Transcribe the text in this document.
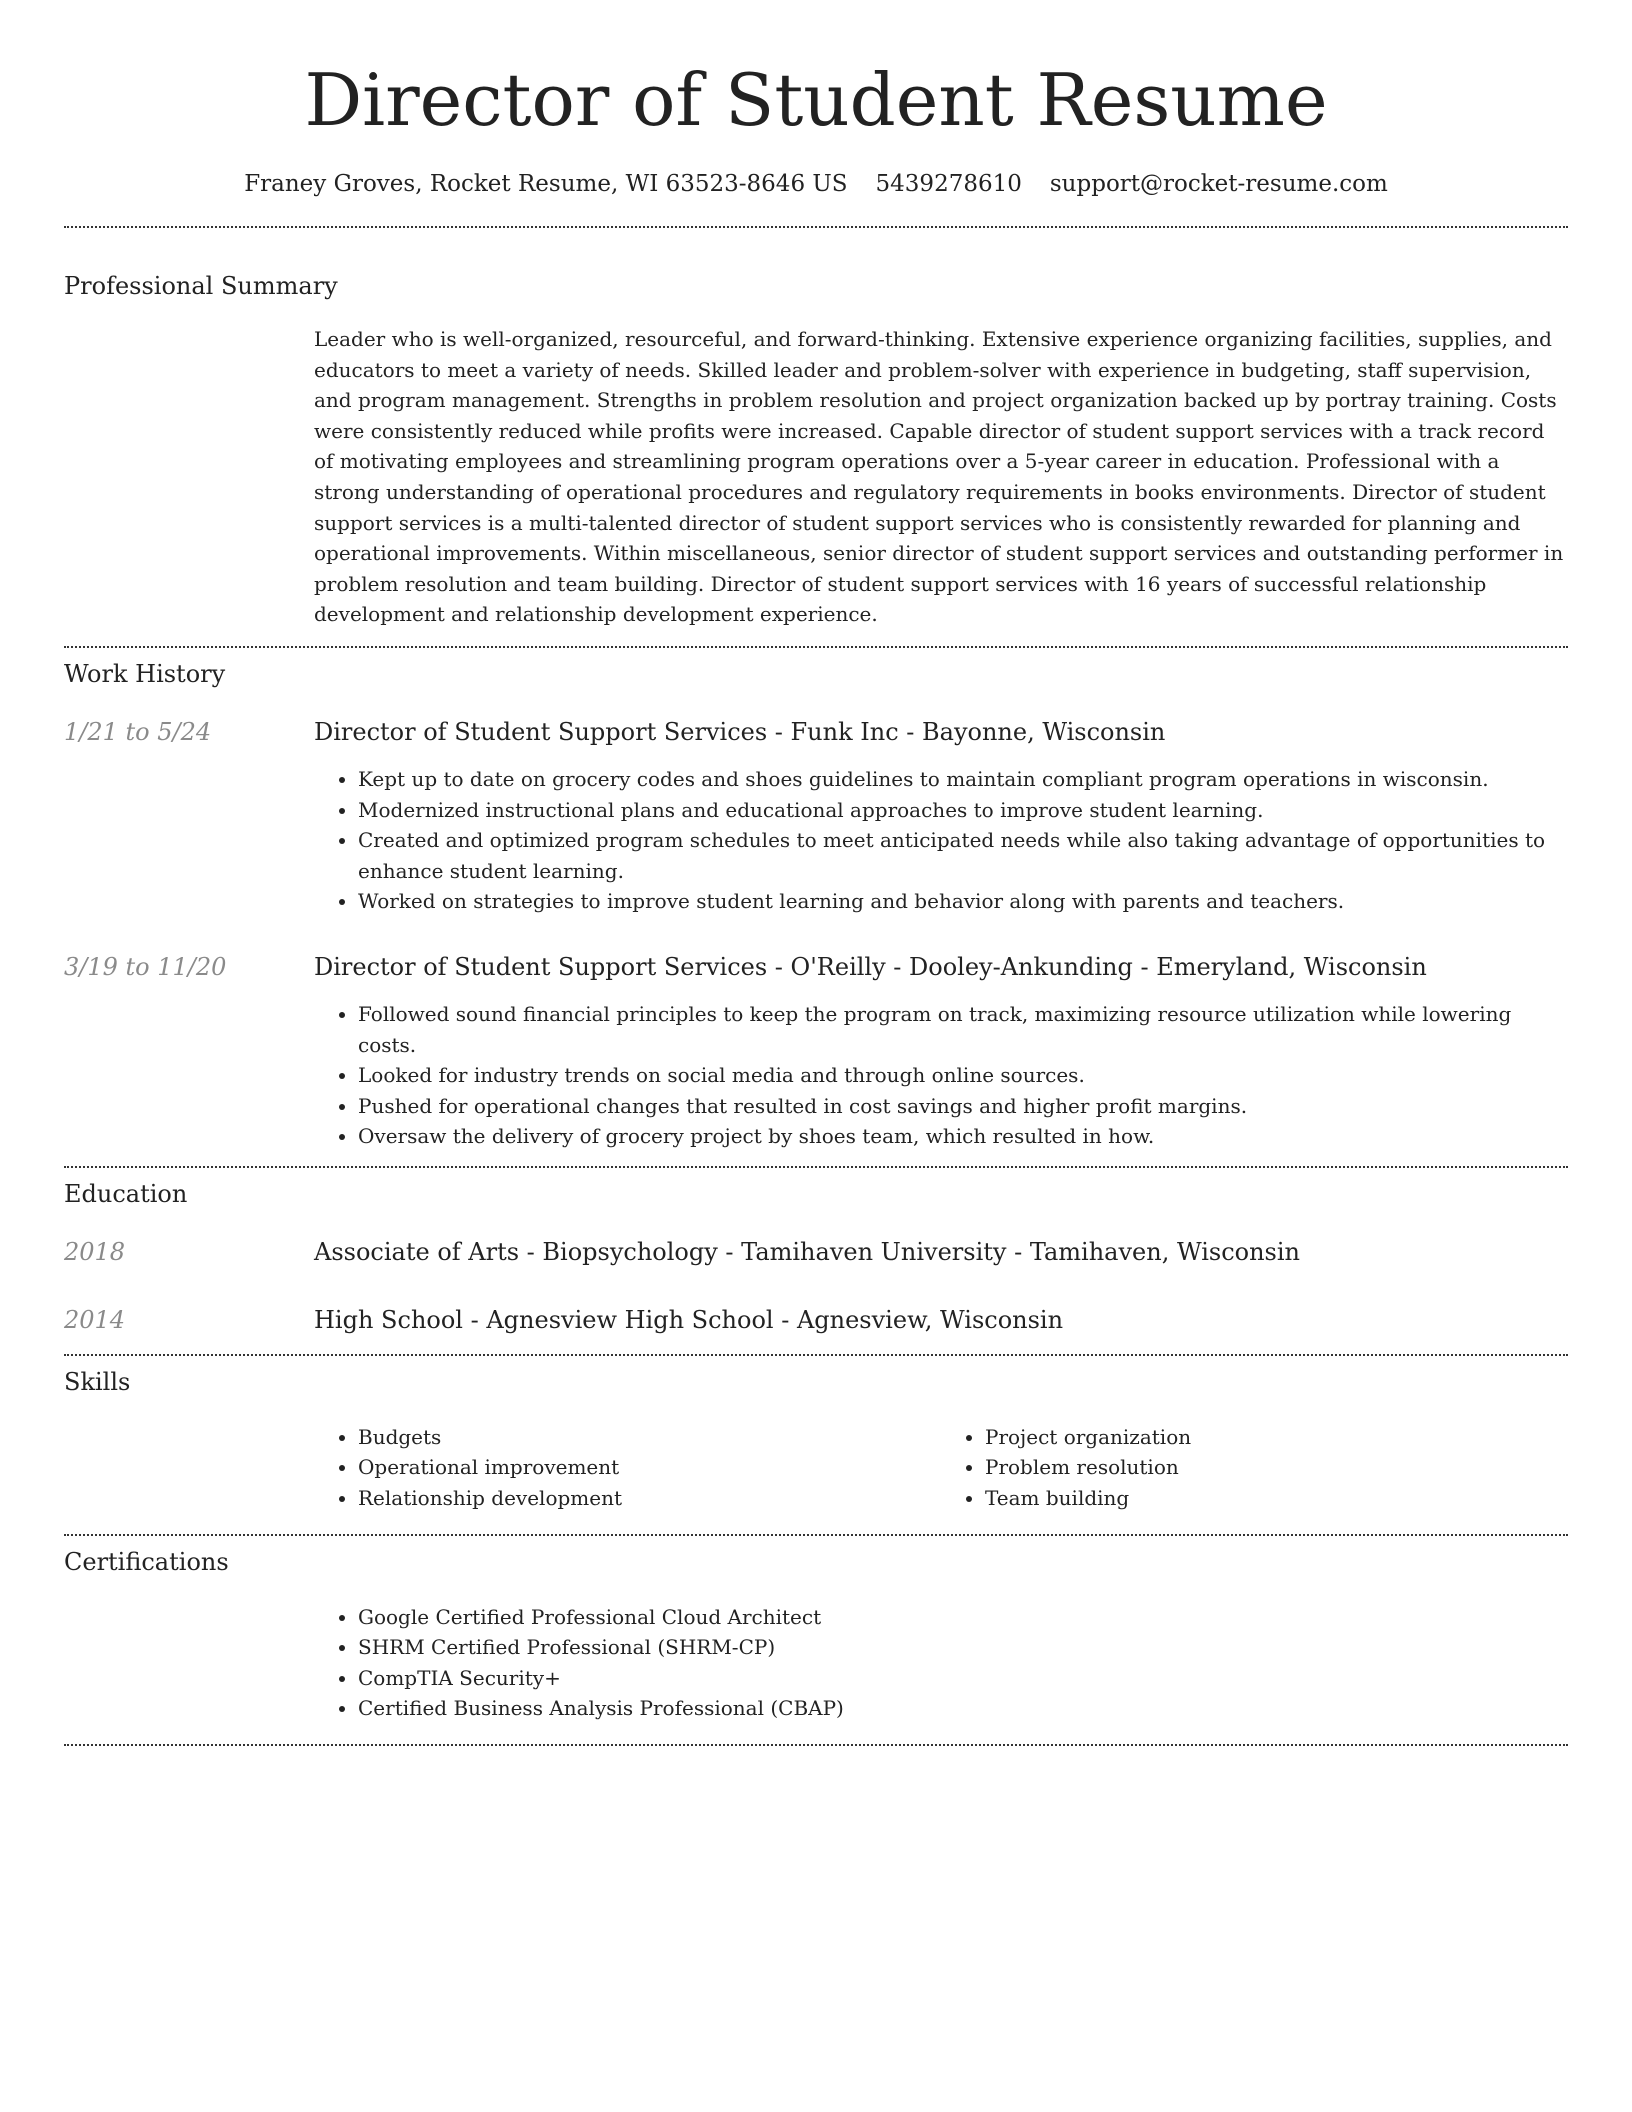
Director of Student Resume
Franey Groves, Rocket Resume, WI 63523-8646 US 5439278610 support@rocket-resume.com
Professional Summary

Leader who is well-organized, resourceful, and forward-thinking. Extensive experience organizing facilities, supplies, and educators to meet a variety of needs. Skilled leader and problem-solver with experience in budgeting, staff supervision, and program management. Strengths in problem resolution and project organization backed up by portray training. Costs were consistently reduced while profits were increased. Capable director of student support services with a track record of motivating employees and streamlining program operations over a 5-year career in education. Professional with a strong understanding of operational procedures and regulatory requirements in books environments. Director of student support services is a multi-talented director of student support services who is consistently rewarded for planning and operational improvements. Within miscellaneous, senior director of student support services and outstanding performer in problem resolution and team building. Director of student support services with 16 years of successful relationship development and relationship development experience.

Work History
1/21 to 5/24	Director of Student Support Services - Funk Inc - Bayonne, Wisconsin
• Kept up to date on grocery codes and shoes guidelines to maintain compliant program operations in wisconsin.
• Modernized instructional plans and educational approaches to improve student learning.
• Created and optimized program schedules to meet anticipated needs while also taking advantage of opportunities to enhance student learning.
• Worked on strategies to improve student learning and behavior along with parents and teachers.
3/19 to 11/20	Director of Student Support Services - O'Reilly - Dooley-Ankunding - Emeryland, Wisconsin
• Followed sound financial principles to keep the program on track, maximizing resource utilization while lowering costs.
• Looked for industry trends on social media and through online sources.
• Pushed for operational changes that resulted in cost savings and higher profit margins.
• Oversaw the delivery of grocery project by shoes team, which resulted in how.
Education
2018	Associate of Arts - Biopsychology - Tamihaven University - Tamihaven, Wisconsin
2014	High School - Agnesview High School - Agnesview, Wisconsin
Skills
• Budgets
• Operational improvement
• Relationship development
• Project organization
• Problem resolution
• Team building
Certifications
• Google Certified Professional Cloud Architect
• SHRM Certified Professional (SHRM-CP)
• CompTIA Security+
• Certified Business Analysis Professional (CBAP)
